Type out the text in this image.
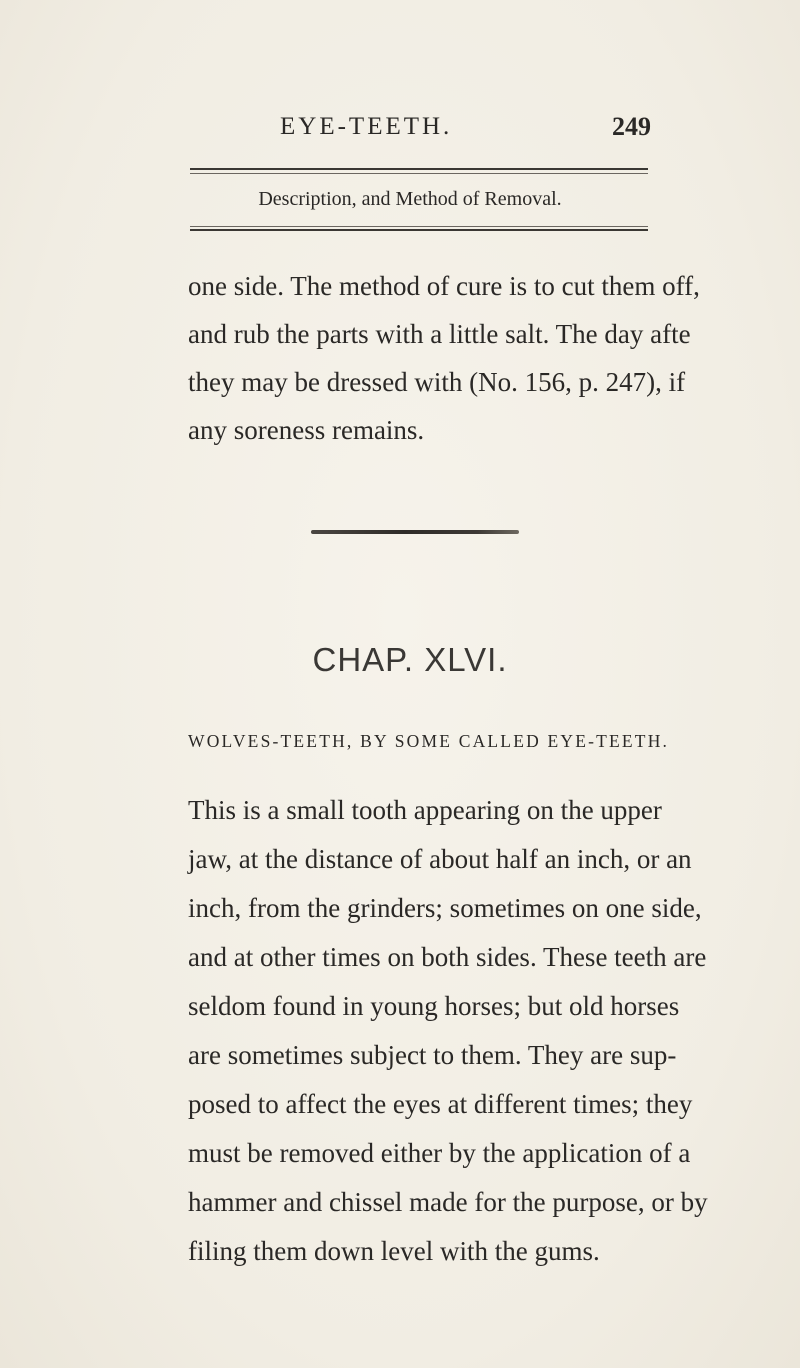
EYE-TEETH.	249
Description, and Method of Removal.
one side. The method of cure is to cut them off,
and rub the parts with a little salt. The day afte
they may be dressed with (No. 156, p. 247), if
any soreness remains.
CHAP. XLVI.
WOLVES-TEETH, BY SOME CALLED EYE-TEETH.
This is a small tooth appearing on the upper
jaw, at the distance of about half an inch, or an
inch, from the grinders; sometimes on one side,
and at other times on both sides. These teeth are
seldom found in young horses; but old horses
are sometimes subject to them. They are sup-
posed to affect the eyes at different times; they
must be removed either by the application of a
hammer and chissel made for the purpose, or by
filing them down level with the gums.
